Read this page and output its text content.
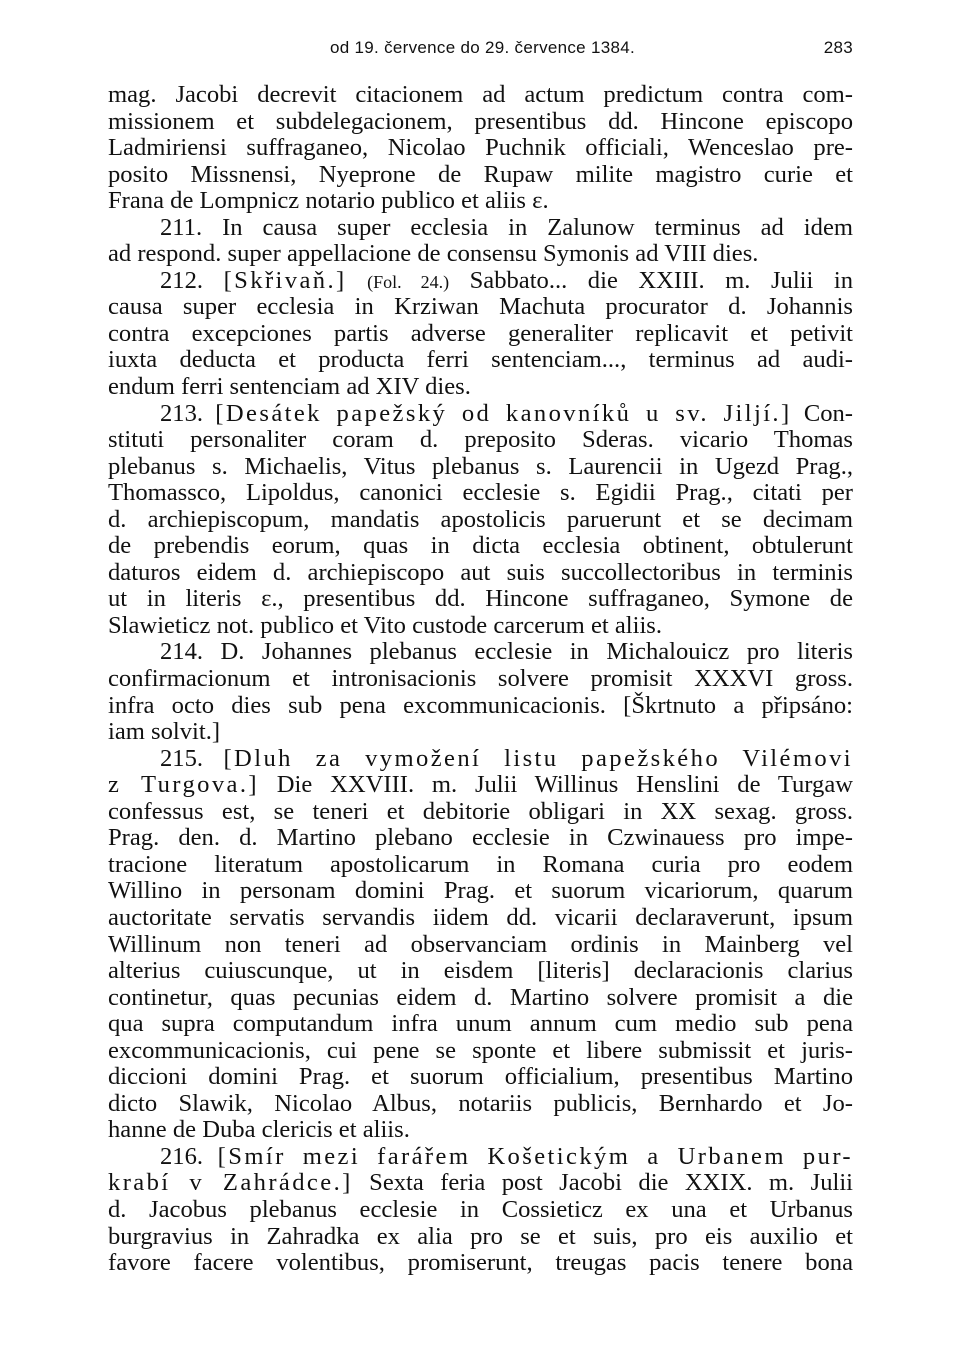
od 19. července do 29. července 1384.	283
mag. Jacobi decrevit citacionem ad actum predictum contra com-
missionem et subdelegacionem, presentibus dd. Hincone episcopo
Ladmiriensi suffraganeo, Nicolao Puchnik officiali, Wenceslao pre-
posito Missnensi, Nyeprone de Rupaw milite magistro curie et
Frana de Lompnicz notario publico et aliis ɛ.
211. In causa super ecclesia in Zalunow terminus ad idem
ad respond. super appellacione de consensu Symonis ad VIII dies.
212. [Skřivaň.] (Fol. 24.) Sabbato... die XXIII. m. Julii in
causa super ecclesia in Krziwan Machuta procurator d. Johannis
contra excepciones partis adverse generaliter replicavit et petivit
iuxta deducta et producta ferri sentenciam..., terminus ad audi-
endum ferri sentenciam ad XIV dies.
213. [Desátek papežský od kanovníků u sv. Jiljí.] Con-
stituti personaliter coram d. preposito Sderas. vicario Thomas
plebanus s. Michaelis, Vitus plebanus s. Laurencii in Ugezd Prag.,
Thomassco, Lipoldus, canonici ecclesie s. Egidii Prag., citati per
d. archiepiscopum, mandatis apostolicis paruerunt et se decimam
de prebendis eorum, quas in dicta ecclesia obtinent, obtulerunt
daturos eidem d. archiepiscopo aut suis succollectoribus in terminis
ut in literis ɛ., presentibus dd. Hincone suffraganeo, Symone de
Slawieticz not. publico et Vito custode carcerum et aliis.
214. D. Johannes plebanus ecclesie in Michalouicz pro literis
confirmacionum et intronisacionis solvere promisit XXXVI gross.
infra octo dies sub pena excommunicacionis. [Škrtnuto a připsáno:
iam solvit.]
215. [Dluh za vymožení listu papežského Vilémovi
z Turgova.] Die XXVIII. m. Julii Willinus Henslini de Turgaw
confessus est, se teneri et debitorie obligari in XX sexag. gross.
Prag. den. d. Martino plebano ecclesie in Czwinauess pro impe-
tracione literatum apostolicarum in Romana curia pro eodem
Willino in personam domini Prag. et suorum vicariorum, quarum
auctoritate servatis servandis iidem dd. vicarii declaraverunt, ipsum
Willinum non teneri ad observanciam ordinis in Mainberg vel
alterius cuiuscunque, ut in eisdem [literis] declaracionis clarius
continetur, quas pecunias eidem d. Martino solvere promisit a die
qua supra computandum infra unum annum cum medio sub pena
excommunicacionis, cui pene se sponte et libere submissit et juris-
diccioni domini Prag. et suorum officialium, presentibus Martino
dicto Slawik, Nicolao Albus, notariis publicis, Bernhardo et Jo-
hanne de Duba clericis et aliis.
216. [Smír mezi farářem Košetickým a Urbanem pur-
krabí v Zahrádce.] Sexta feria post Jacobi die XXIX. m. Julii
d. Jacobus plebanus ecclesie in Cossieticz ex una et Urbanus
burgravius in Zahradka ex alia pro se et suis, pro eis auxilio et
favore facere volentibus, promiserunt, treugas pacis tenere bona
